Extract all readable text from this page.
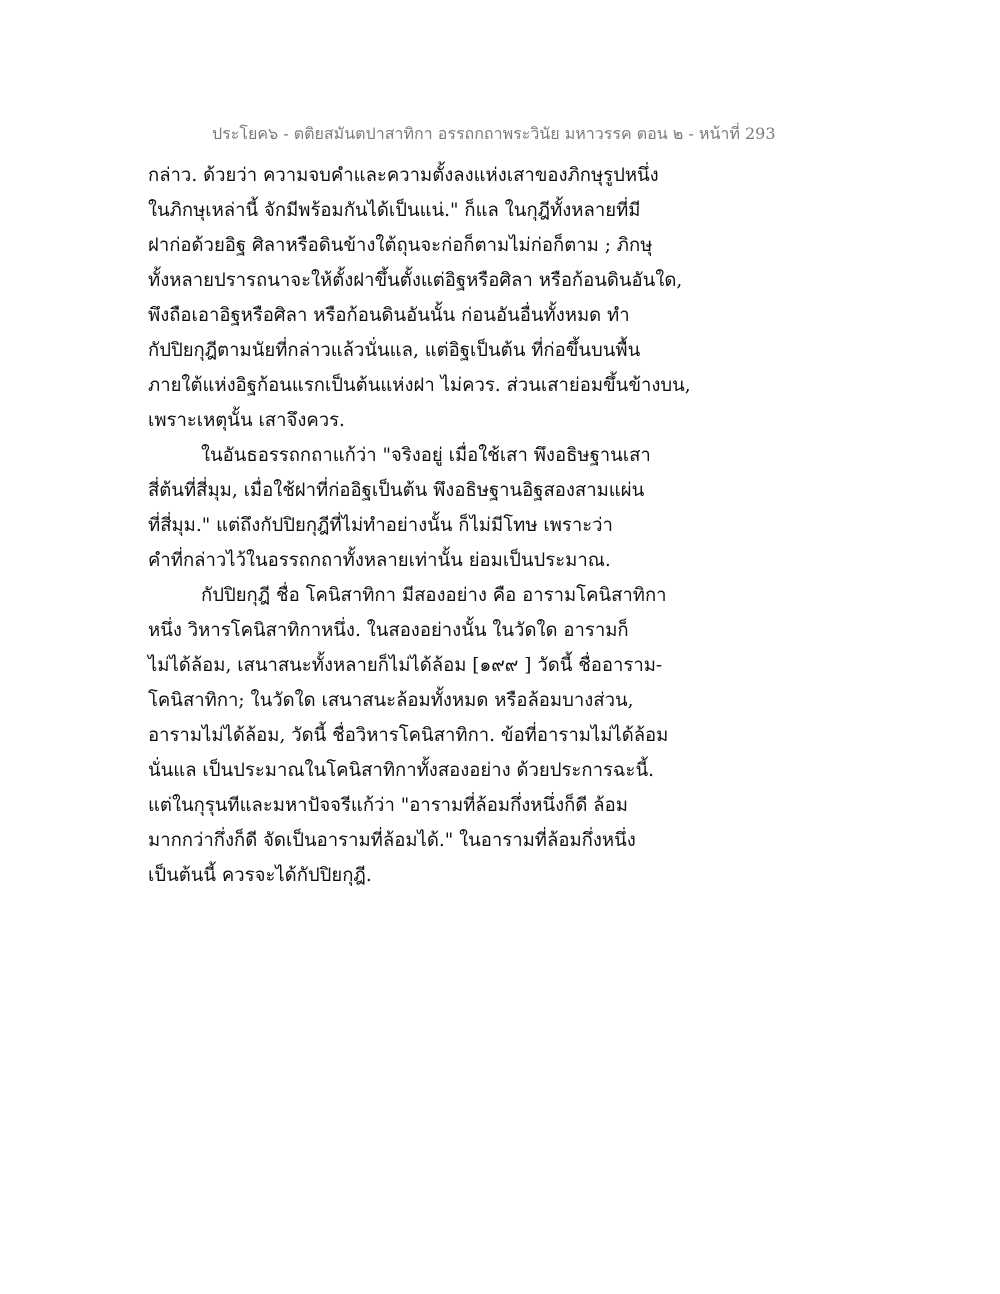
ประโยค๖ - ตติยสมันตปาสาทิกา อรรถกถาพระวินัย มหาวรรค ตอน ๒ - หน้าที่ 293
กล่าว. ด้วยว่า ความจบคำและความตั้งลงแห่งเสาของภิกษุรูปหนึ่ง
ในภิกษุเหล่านี้ จักมีพร้อมกันได้เป็นแน่." ก็แล ในกุฎีทั้งหลายที่มี
ฝาก่อด้วยอิฐ ศิลาหรือดินข้างใต้ถุนจะก่อก็ตามไม่ก่อก็ตาม ; ภิกษุ
ทั้งหลายปรารถนาจะให้ตั้งฝาขึ้นตั้งแต่อิฐหรือศิลา หรือก้อนดินอันใด,
พึงถือเอาอิฐหรือศิลา หรือก้อนดินอันนั้น ก่อนอันอื่นทั้งหมด ทำ
กัปปิยกุฎีตามนัยที่กล่าวแล้วนั่นแล, แต่อิฐเป็นต้น ที่ก่อขึ้นบนพื้น
ภายใต้แห่งอิฐก้อนแรกเป็นต้นแห่งฝา ไม่ควร. ส่วนเสาย่อมขึ้นข้างบน,
เพราะเหตุนั้น เสาจึงควร.
ในอันธอรรถกถาแก้ว่า "จริงอยู่ เมื่อใช้เสา พึงอธิษฐานเสา
สี่ต้นที่สี่มุม, เมื่อใช้ฝาที่ก่ออิฐเป็นต้น พึงอธิษฐานอิฐสองสามแผ่น
ที่สี่มุม." แต่ถึงกัปปิยกุฎีที่ไม่ทำอย่างนั้น ก็ไม่มีโทษ เพราะว่า
คำที่กล่าวไว้ในอรรถกถาทั้งหลายเท่านั้น ย่อมเป็นประมาณ.
กัปปิยกุฎี ชื่อ โคนิสาทิกา มีสองอย่าง คือ อารามโคนิสาทิกา
หนึ่ง วิหารโคนิสาทิกาหนึ่ง. ในสองอย่างนั้น ในวัดใด อารามก็
ไม่ได้ล้อม, เสนาสนะทั้งหลายก็ไม่ได้ล้อม [๑๙๙ ] วัดนี้ ชื่ออาราม-
โคนิสาทิกา; ในวัดใด เสนาสนะล้อมทั้งหมด หรือล้อมบางส่วน,
อารามไม่ได้ล้อม, วัดนี้ ชื่อวิหารโคนิสาทิกา. ข้อที่อารามไม่ได้ล้อม
นั่นแล เป็นประมาณในโคนิสาทิกาทั้งสองอย่าง ด้วยประการฉะนี้.
แต่ในกุรุนทีและมหาปัจจรีแก้ว่า "อารามที่ล้อมกึ่งหนึ่งก็ดี ล้อม
มากกว่ากึ่งก็ดี จัดเป็นอารามที่ล้อมได้." ในอารามที่ล้อมกึ่งหนึ่ง
เป็นต้นนี้ ควรจะได้กัปปิยกุฎี.
